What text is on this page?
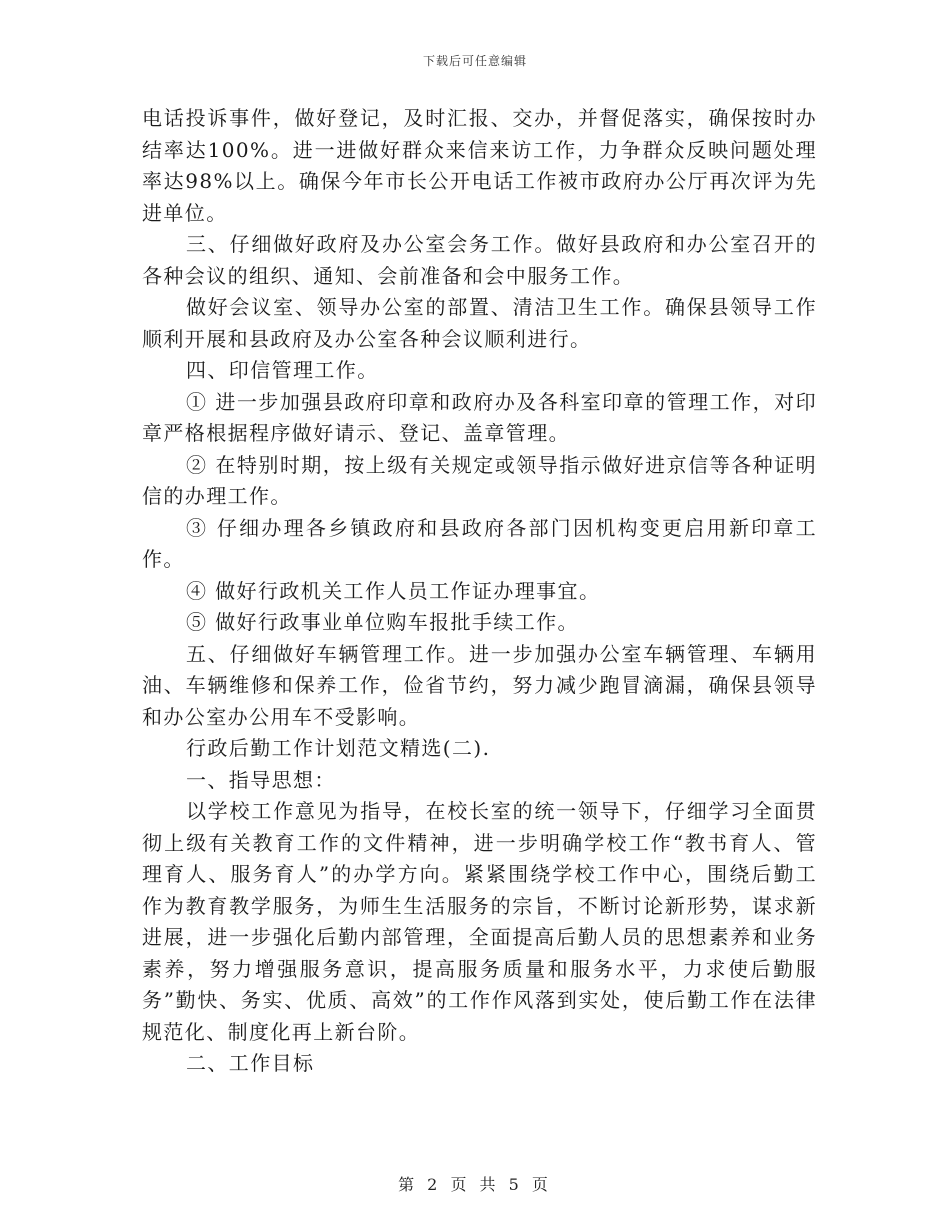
下载后可任意编辑

电话投诉事件，做好登记，及时汇报、交办，并督促落实，确保按时办结率达100%。进一进做好群众来信来访工作，力争群众反映问题处理率达98%以上。确保今年市长公开电话工作被市政府办公厅再次评为先进单位。

三、仔细做好政府及办公室会务工作。做好县政府和办公室召开的各种会议的组织、通知、会前准备和会中服务工作。

做好会议室、领导办公室的部置、清洁卫生工作。确保县领导工作顺利开展和县政府及办公室各种会议顺利进行。

四、印信管理工作。

① 进一步加强县政府印章和政府办及各科室印章的管理工作，对印章严格根据程序做好请示、登记、盖章管理。

② 在特别时期，按上级有关规定或领导指示做好进京信等各种证明信的办理工作。

③ 仔细办理各乡镇政府和县政府各部门因机构变更启用新印章工作。

④ 做好行政机关工作人员工作证办理事宜。

⑤ 做好行政事业单位购车报批手续工作。

五、仔细做好车辆管理工作。进一步加强办公室车辆管理、车辆用油、车辆维修和保养工作，俭省节约，努力减少跑冒滴漏，确保县领导和办公室办公用车不受影响。

行政后勤工作计划范文精选(二).

一、指导思想：

以学校工作意见为指导，在校长室的统一领导下，仔细学习全面贯彻上级有关教育工作的文件精神，进一步明确学校工作“教书育人、管理育人、服务育人”的办学方向。紧紧围绕学校工作中心，围绕后勤工作为教育教学服务，为师生生活服务的宗旨，不断讨论新形势，谋求新进展，进一步强化后勤内部管理，全面提高后勤人员的思想素养和业务素养，努力增强服务意识，提高服务质量和服务水平，力求使后勤服务”勤快、务实、优质、高效”的工作作风落到实处，使后勤工作在法律规范化、制度化再上新台阶。

二、工作目标

第 2 页 共 5 页
